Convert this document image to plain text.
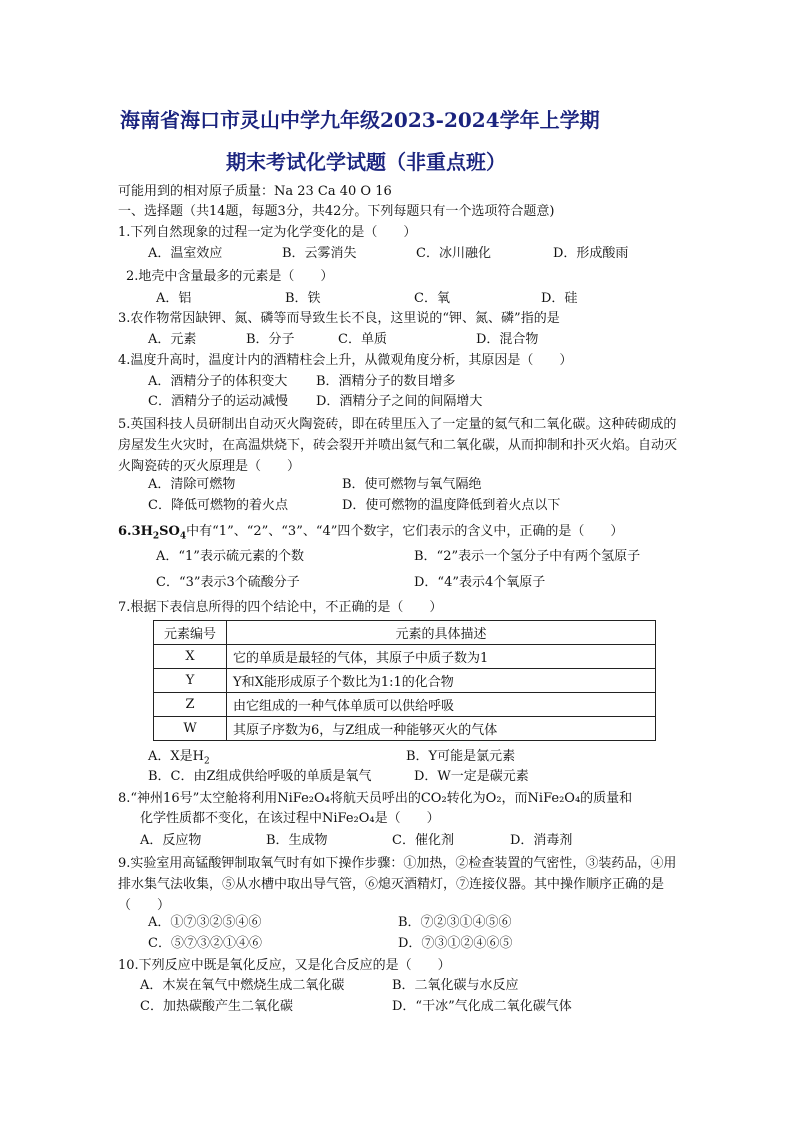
海南省海口市灵山中学九年级2023-2024学年上学期
期末考试化学试题（非重点班）
可能用到的相对原子质量：Na 23 Ca 40 O 16
一、选择题（共14题，每题3分，共42分。下列每题只有一个选项符合题意)
1.下列自然现象的过程一定为化学变化的是（　　）
A．温室效应	B．云雾消失	C．冰川融化	D．形成酸雨
2.地壳中含量最多的元素是（　　）
A．铝	B．铁	C．氧	D．硅
3.农作物常因缺钾、氮、磷等而导致生长不良，这里说的“钾、氮、磷”指的是
A．元素	B．分子	C．单质	D．混合物
4.温度升高时，温度计内的酒精柱会上升，从微观角度分析，其原因是（　　）
A．酒精分子的体积变大 B．酒精分子的数目增多
C．酒精分子的运动减慢 D．酒精分子之间的间隔增大
5.英国科技人员研制出自动灭火陶瓷砖，即在砖里压入了一定量的氦气和二氧化碳。这种砖砌成的房屋发生火灾时，在高温烘烧下，砖会裂开并喷出氦气和二氧化碳，从而抑制和扑灭火焰。自动灭火陶瓷砖的灭火原理是（　　）
A．清除可燃物	B．使可燃物与氧气隔绝
C．降低可燃物的着火点	D．使可燃物的温度降低到着火点以下
$6.3H_2SO_4$中有“1”、“2”、“3”、“4”四个数字，它们表示的含义中，正确的是（　　）
A．“1”表示硫元素的个数	B．“2”表示一个氢分子中有两个氢原子
C．“3”表示3个硫酸分子	D．“4”表示4个氧原子
7.根据下表信息所得的四个结论中，不正确的是（　　）
元素编号	元素的具体描述
X	它的单质是最轻的气体，其原子中质子数为1
Y	Y和X能形成原子个数比为1:1的化合物
Z	由它组成的一种气体单质可以供给呼吸
W	其原子序数为6，与Z组成一种能够灭火的气体
A．X是$H_2$	B．Y可能是氯元素
B．C．由Z组成供给呼吸的单质是氧气	D．W一定是碳元素
8.“神州16号”太空舱将利用NiFe₂O₄将航天员呼出的CO₂转化为O₂，而NiFe₂O₄的质量和
化学性质都不变化，在该过程中NiFe₂O₄是（　　）
A．反应物	B．生成物	C．催化剂	D．消毒剂
9.实验室用高锰酸钾制取氧气时有如下操作步骤：①加热，②检查装置的气密性，③装药品，④用排水集气法收集，⑤从水槽中取出导气管，⑥熄灭酒精灯，⑦连接仪器。其中操作顺序正确的是（　　）
A．①⑦③②⑤④⑥	B．⑦②③①④⑤⑥
C．⑤⑦③②①④⑥	D．⑦③①②④⑥⑤
10.下列反应中既是氧化反应，又是化合反应的是（　　）
A．木炭在氧气中燃烧生成二氧化碳	B．二氧化碳与水反应
C．加热碳酸产生二氧化碳	D．“干冰”气化成二氧化碳气体
